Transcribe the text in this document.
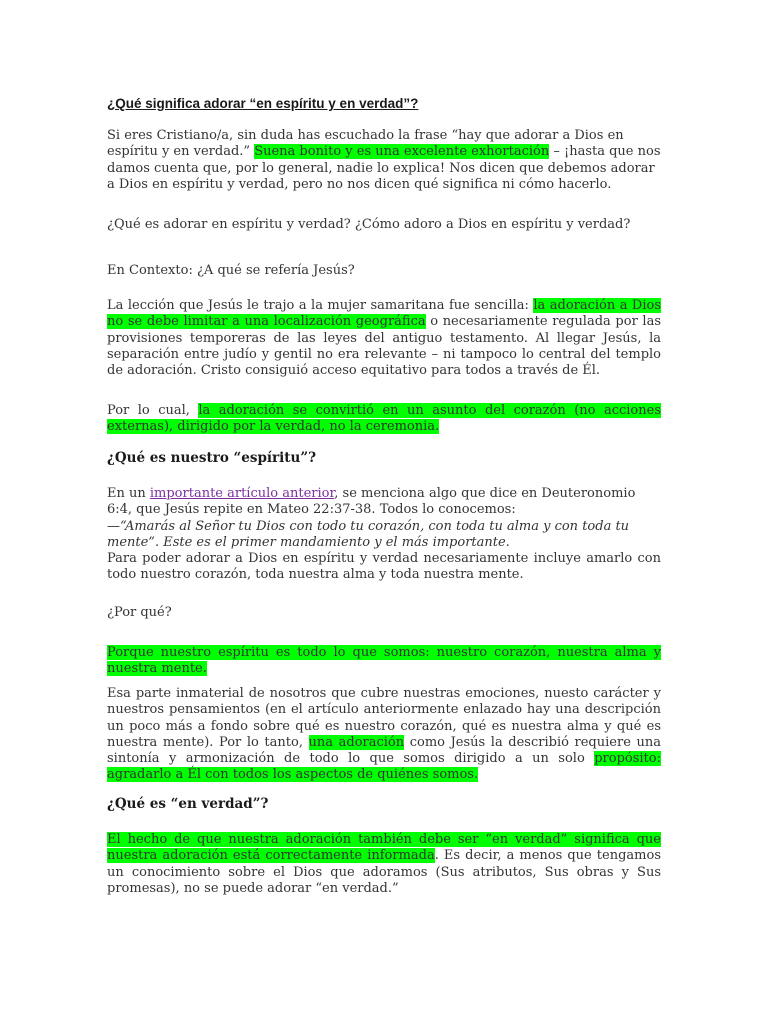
¿Qué significa adorar “en espíritu y en verdad”?

Si eres Cristiano/a, sin duda has escuchado la frase “hay que adorar a Dios en espíritu y en verdad.” Suena bonito y es una excelente exhortación – ¡hasta que nos damos cuenta que, por lo general, nadie lo explica! Nos dicen que debemos adorar a Dios en espíritu y verdad, pero no nos dicen qué significa ni cómo hacerlo.

¿Qué es adorar en espíritu y verdad? ¿Cómo adoro a Dios en espíritu y verdad?

En Contexto: ¿A qué se refería Jesús?

La lección que Jesús le trajo a la mujer samaritana fue sencilla: la adoración a Dios no se debe limitar a una localización geográfica o necesariamente regulada por las provisiones temporeras de las leyes del antiguo testamento. Al llegar Jesús, la separación entre judío y gentil no era relevante – ni tampoco lo central del templo de adoración. Cristo consiguió acceso equitativo para todos a través de Él.

Por lo cual, la adoración se convirtió en un asunto del corazón (no acciones externas), dirigido por la verdad, no la ceremonia.

¿Qué es nuestro “espíritu”?
En un importante artículo anterior, se menciona algo que dice en Deuteronomio 6:4, que Jesús repite en Mateo 22:37-38. Todos lo conocemos:
—“Amarás al Señor tu Dios con todo tu corazón, con toda tu alma y con toda tu mente”. Este es el primer mandamiento y el más importante.
Para poder adorar a Dios en espíritu y verdad necesariamente incluye amarlo con todo nuestro corazón, toda nuestra alma y toda nuestra mente.

¿Por qué?

Porque nuestro espíritu es todo lo que somos: nuestro corazón, nuestra alma y nuestra mente.

Esa parte inmaterial de nosotros que cubre nuestras emociones, nuesto carácter y nuestros pensamientos (en el artículo anteriormente enlazado hay una descripción un poco más a fondo sobre qué es nuestro corazón, qué es nuestra alma y qué es nuestra mente). Por lo tanto, una adoración como Jesús la describió requiere una sintonía y armonización de todo lo que somos dirigido a un solo propósito: agradarlo a Él con todos los aspectos de quiénes somos.

¿Qué es “en verdad”?

El hecho de que nuestra adoración también debe ser “en verdad” significa que nuestra adoración está correctamente informada. Es decir, a menos que tengamos un conocimiento sobre el Dios que adoramos (Sus atributos, Sus obras y Sus promesas), no se puede adorar “en verdad.”
